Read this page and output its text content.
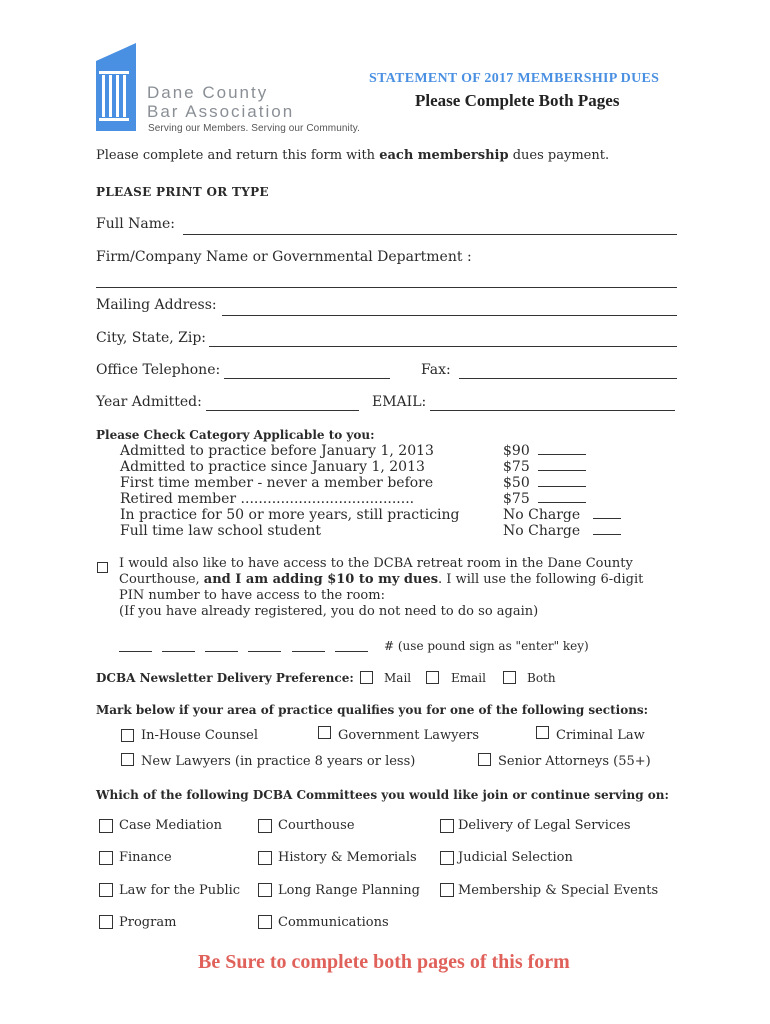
Dane County
Bar Association
Serving our Members. Serving our Community.
STATEMENT OF 2017 MEMBERSHIP DUES
Please Complete Both Pages
Please complete and return this form with each membership dues payment.
PLEASE PRINT OR TYPE
Full Name:
Firm/Company Name or Governmental Department :
Mailing Address:
City, State, Zip:
Office Telephone:	Fax:
Year Admitted:	EMAIL:
Please Check Category Applicable to you:
Admitted to practice before January 1, 2013	$90
Admitted to practice since January 1, 2013	$75
First time member - never a member before	$50
Retired member .......................................	$75
In practice for 50 or more years, still practicing	No Charge
Full time law school student	No Charge
I would also like to have access to the DCBA retreat room in the Dane County
Courthouse, and I am adding $10 to my dues. I will use the following 6-digit
PIN number to have access to the room:
(If you have already registered, you do not need to do so again)
# (use pound sign as "enter" key)
DCBA Newsletter Delivery Preference:	Mail	Email	Both
Mark below if your area of practice qualifies you for one of the following sections:
In-House Counsel	Government Lawyers	Criminal Law
New Lawyers (in practice 8 years or less)	Senior Attorneys (55+)
Which of the following DCBA Committees you would like join or continue serving on:
Case Mediation	Courthouse	Delivery of Legal Services
Finance	History & Memorials	Judicial Selection
Law for the Public	Long Range Planning	Membership & Special Events
Program	Communications
Be Sure to complete both pages of this form
